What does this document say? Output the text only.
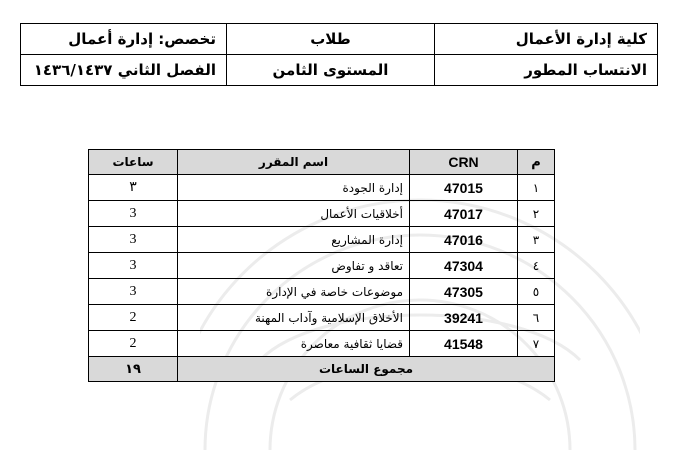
كلية إدارة الأعمال	طلاب	تخصص: إدارة أعمال
الانتساب المطور	المستوى الثامن	الفصل الثاني ١٤٣٦/١٤٣٧
م	CRN	اسم المقرر	ساعات
١	47015	إدارة الجودة	٣
٢	47017	أخلاقيات الأعمال	3
٣	47016	إدارة المشاريع	3
٤	47304	تعاقد و تفاوض	3
٥	47305	موضوعات خاصة في الإدارة	3
٦	39241	الأخلاق الإسلامية وآداب المهنة	2
٧	41548	قضايا ثقافية معاصرة	2
مجموع الساعات			١٩
